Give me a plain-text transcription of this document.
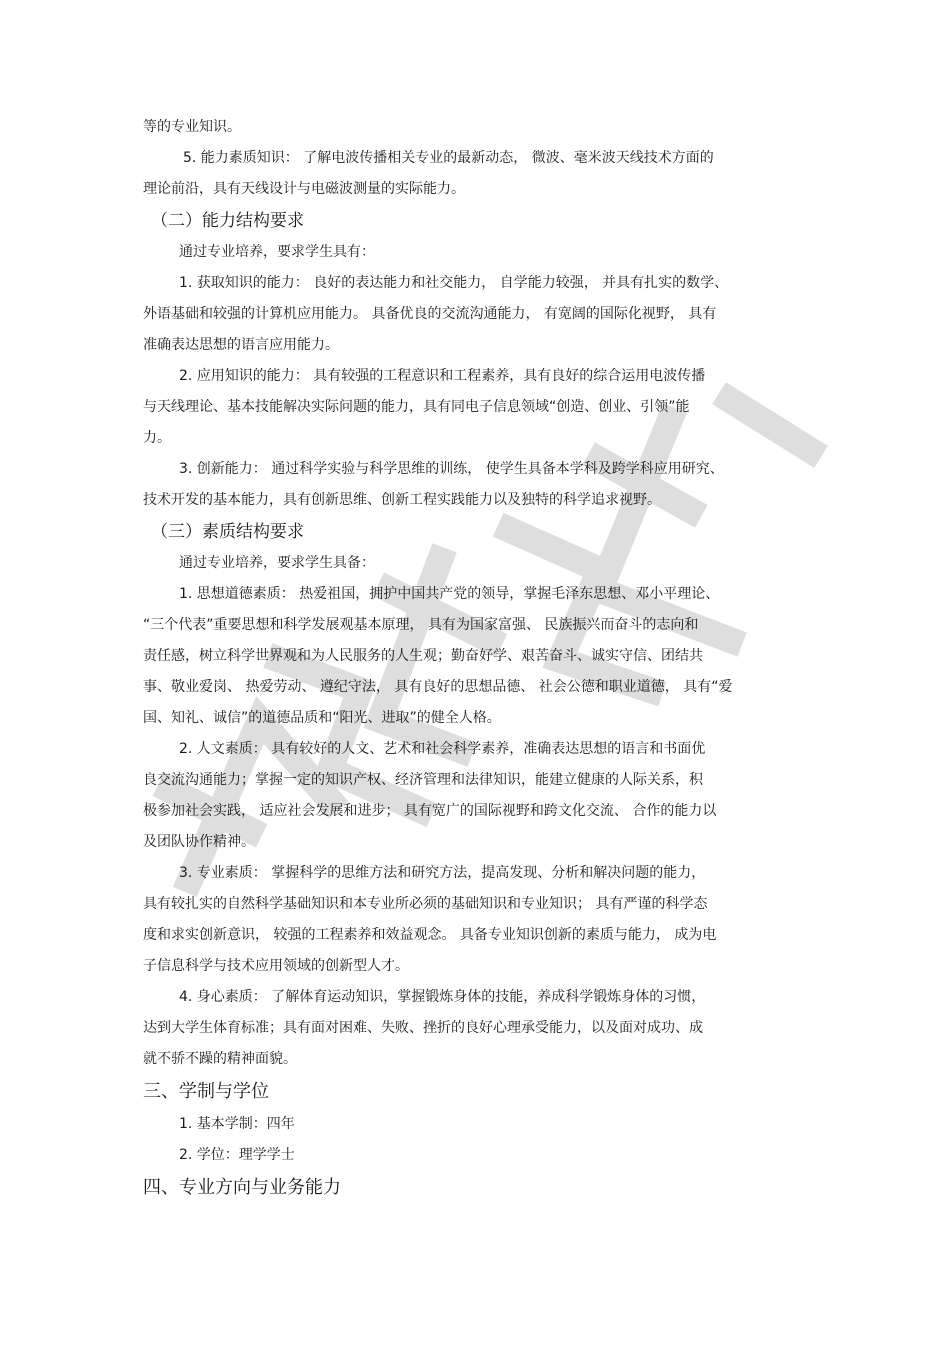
等的专业知识。
5. 能力素质知识： 了解电波传播相关专业的最新动态， 微波、毫米波天线技术方面的
理论前沿，具有天线设计与电磁波测量的实际能力。
（二）能力结构要求
通过专业培养，要求学生具有：
1. 获取知识的能力： 良好的表达能力和社交能力， 自学能力较强， 并具有扎实的数学、
外语基础和较强的计算机应用能力。 具备优良的交流沟通能力， 有宽阔的国际化视野， 具有
准确表达思想的语言应用能力。
2. 应用知识的能力： 具有较强的工程意识和工程素养，具有良好的综合运用电波传播
与天线理论、基本技能解决实际问题的能力，具有同电子信息领域“创造、创业、引领”能
力。
3. 创新能力： 通过科学实验与科学思维的训练， 使学生具备本学科及跨学科应用研究、
技术开发的基本能力，具有创新思维、创新工程实践能力以及独特的科学追求视野。
（三）素质结构要求
通过专业培养，要求学生具备：
1. 思想道德素质： 热爱祖国，拥护中国共产党的领导，掌握毛泽东思想、邓小平理论、
“三个代表”重要思想和科学发展观基本原理， 具有为国家富强、 民族振兴而奋斗的志向和
责任感，树立科学世界观和为人民服务的人生观；勤奋好学、艰苦奋斗、诚实守信、团结共
事、敬业爱岗、 热爱劳动、 遵纪守法， 具有良好的思想品德、 社会公德和职业道德， 具有“爱
国、知礼、诚信”的道德品质和“阳光、进取”的健全人格。
2. 人文素质： 具有较好的人文、艺术和社会科学素养，准确表达思想的语言和书面优
良交流沟通能力；掌握一定的知识产权、经济管理和法律知识，能建立健康的人际关系，积
极参加社会实践， 适应社会发展和进步； 具有宽广的国际视野和跨文化交流、 合作的能力以
及团队协作精神。
3. 专业素质： 掌握科学的思维方法和研究方法，提高发现、分析和解决问题的能力，
具有较扎实的自然科学基础知识和本专业所必须的基础知识和专业知识； 具有严谨的科学态
度和求实创新意识， 较强的工程素养和效益观念。 具备专业知识创新的素质与能力， 成为电
子信息科学与技术应用领域的创新型人才。
4. 身心素质： 了解体育运动知识，掌握锻炼身体的技能，养成科学锻炼身体的习惯，
达到大学生体育标准；具有面对困难、失败、挫折的良好心理承受能力，以及面对成功、成
就不骄不躁的精神面貌。
三、学制与学位
1. 基本学制：四年
2. 学位：理学学士
四、专业方向与业务能力
